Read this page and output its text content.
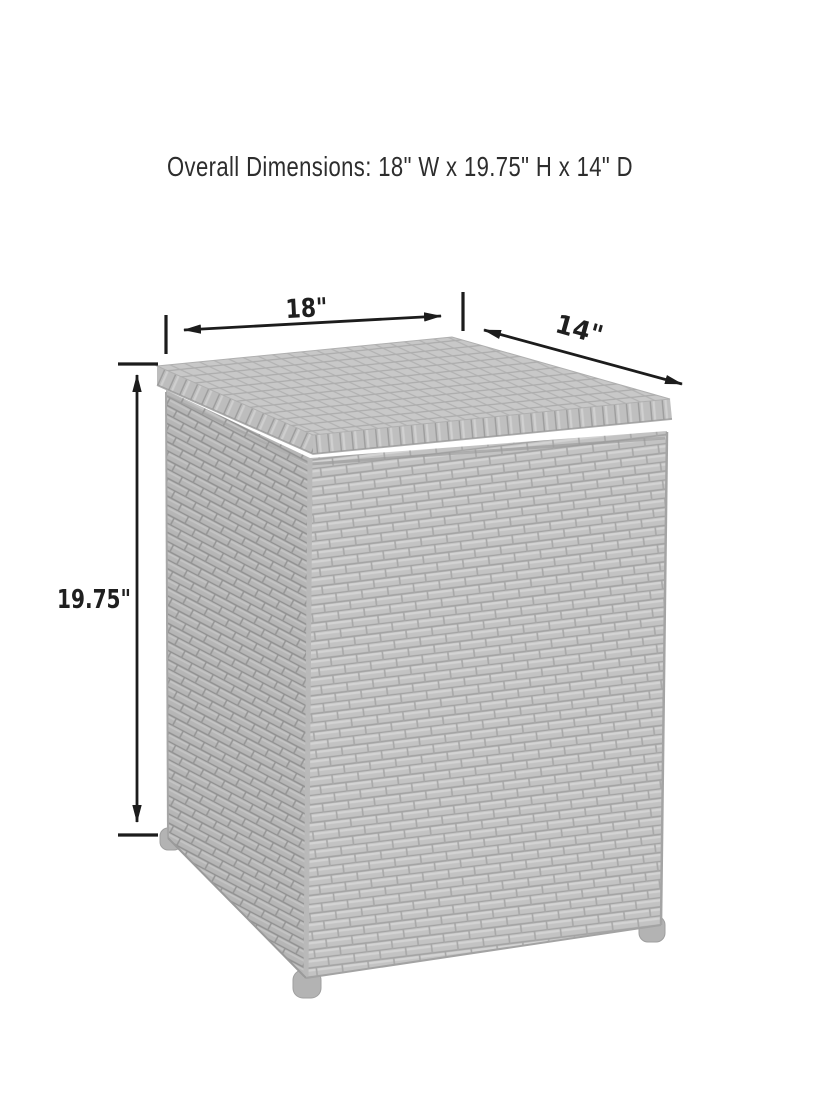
Overall Dimensions: 18" W x 19.75" H x 14" D
18"
14"
19.75"
